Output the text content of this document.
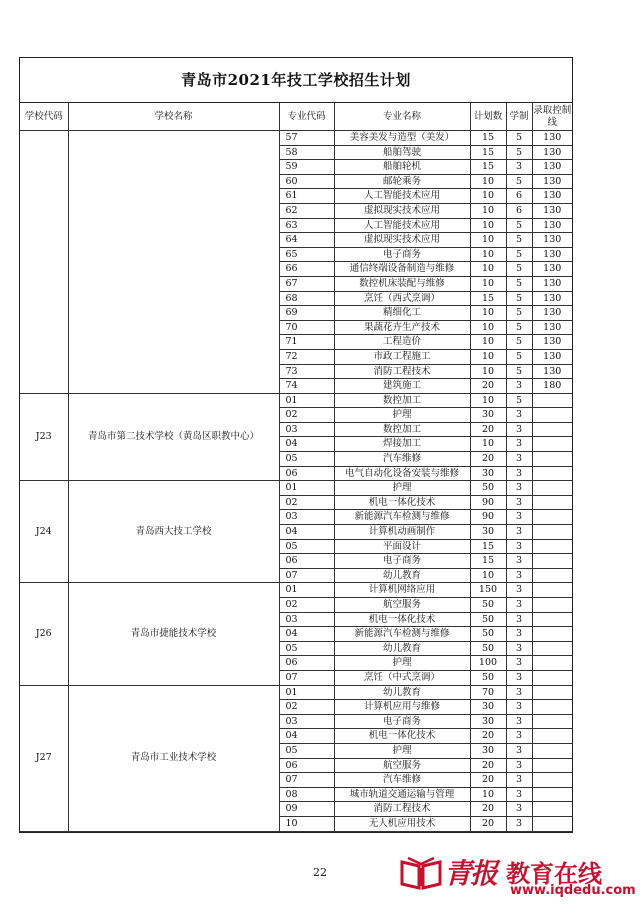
青岛市2021年技工学校招生计划
学校代码	学校名称	专业代码	专业名称	计划数	学制	录取控制线
		57	美容美发与造型（美发）	15	5	130
		58	船舶驾驶	15	5	130
		59	船舶轮机	15	3	130
		60	邮轮乘务	10	5	130
		61	人工智能技术应用	10	6	130
		62	虚拟现实技术应用	10	6	130
		63	人工智能技术应用	10	5	130
		64	虚拟现实技术应用	10	5	130
		65	电子商务	10	5	130
		66	通信终端设备制造与维修	10	5	130
		67	数控机床装配与维修	10	5	130
		68	烹饪（西式烹调）	15	5	130
		69	精细化工	10	5	130
		70	果蔬花卉生产技术	10	5	130
		71	工程造价	10	5	130
		72	市政工程施工	10	5	130
		73	消防工程技术	10	5	130
		74	建筑施工	20	3	180
J23	青岛市第二技术学校（黄岛区职教中心）	01	数控加工	10	5	
		02	护理	30	3	
		03	数控加工	20	3	
		04	焊接加工	10	3	
		05	汽车维修	20	3	
		06	电气自动化设备安装与维修	30	3	
J24	青岛西大技工学校	01	护理	50	3	
		02	机电一体化技术	90	3	
		03	新能源汽车检测与维修	90	3	
		04	计算机动画制作	30	3	
		05	平面设计	15	3	
		06	电子商务	15	3	
		07	幼儿教育	10	3	
J26	青岛市捷能技术学校	01	计算机网络应用	150	3	
		02	航空服务	50	3	
		03	机电一体化技术	50	3	
		04	新能源汽车检测与维修	50	3	
		05	幼儿教育	50	3	
		06	护理	100	3	
		07	烹饪（中式烹调）	50	3	
J27	青岛市工业技术学校	01	幼儿教育	70	3	
		02	计算机应用与维修	30	3	
		03	电子商务	30	3	
		04	机电一体化技术	20	3	
		05	护理	30	3	
		06	航空服务	20	3	
		07	汽车维修	20	3	
		08	城市轨道交通运输与管理	10	3	
		09	消防工程技术	20	3	
		10	无人机应用技术	20	3	
22	青报 教育在线
www.iqdedu.com
